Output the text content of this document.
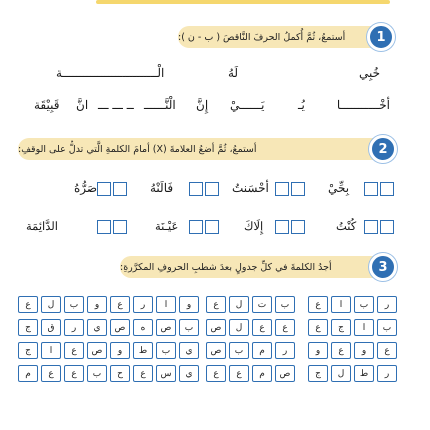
أستمعُ، ثُمَّ أُكملُ الحرفَ النَّاقصَ ( ب - ن ):	1
خُبِي
لَهُ
الْـــــــــــــــــــــــــــة
أخْـــــــــــا
يُـ
يَــــــيْ
إِنَّ
الْنَّــــــ
ــ ـــ ـــ
انَّ
قَبِيْقَة
أستمعُ، ثُمَّ أضعُ العلامةَ (X) أمامَ الكلمةِ الَّتي تدلُّ على الوقفِ:	2
بِحِّيْ
أحْسَنتُ
فَالَنْهُ
صَرُّهُ
كُنْتُ
إِلَاكَ
عَيْـنَة
الدَّائِمَة
أجدُ الكلمةَ في كلِّ جدولٍ بعدَ شطبِ الحروفِ المكرَّرةِ:	3
ع	ا	ب	ر
ع	ج	ا	ب
و	ع	و	ع
ج	ل	ط	ر
ع	ل	ت	ب
ص	ل	ع	ع
ص	ب	م	ر
ع	ع	م	ص
ع	ر	ا	و
ص	ه	ص	ب
و	ط	ب	ي
ح	ع	س	ي
ع	ل	ب	و
ج	ق	ر	ي
ج	ا	ع	ص
م	ع	ع	ب
